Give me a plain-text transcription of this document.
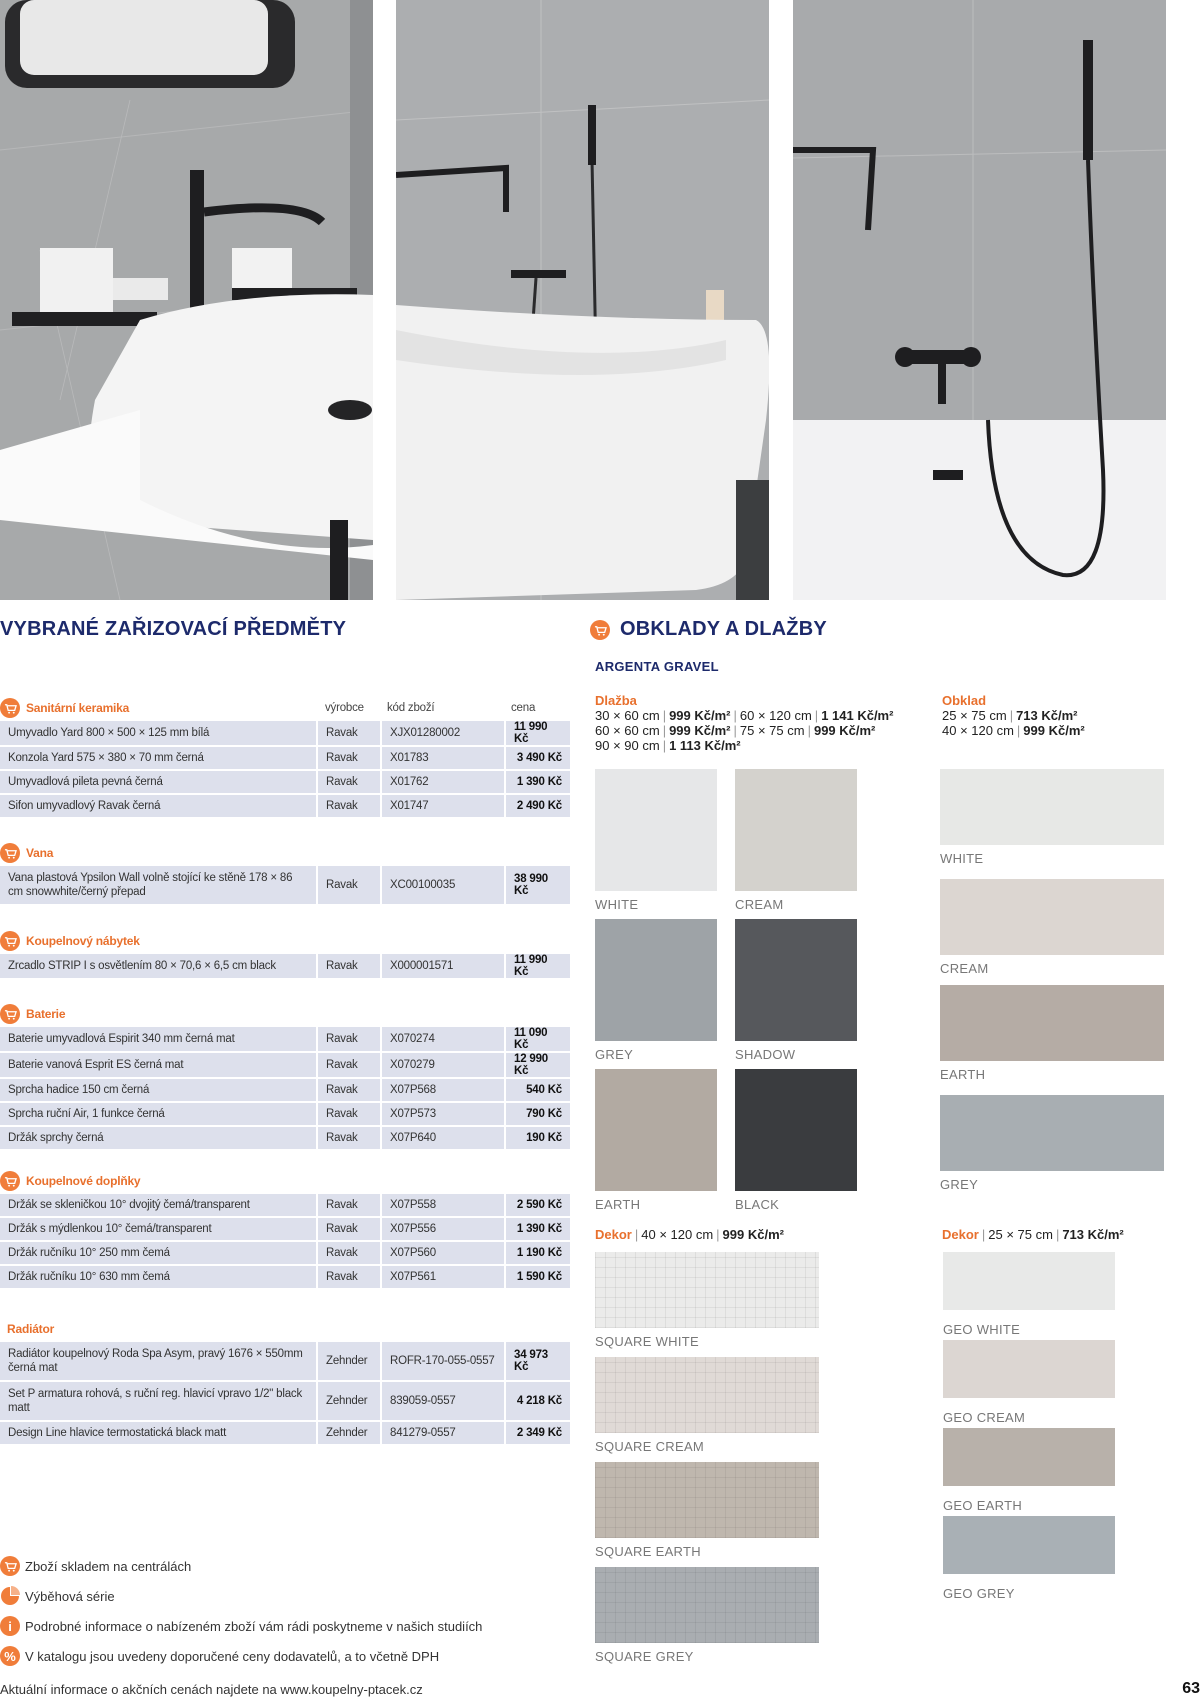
VYBRANÉ ZAŘIZOVACÍ PŘEDMĚTY	OBKLADY A DLAŽBY
ARGENTA GRAVEL
Dlažba
30 × 60 cm | 999 Kč/m² | 60 × 120 cm | 1 141 Kč/m²
60 × 60 cm | 999 Kč/m² | 75 × 75 cm | 999 Kč/m²
90 × 90 cm | 1 113 Kč/m²
Obklad
25 × 75 cm | 713 Kč/m²
40 × 120 cm | 999 Kč/m²
WHITE	CREAM
GREY	SHADOW
EARTH	BLACK
WHITE
CREAM
EARTH
GREY
SQUARE WHITE
SQUARE CREAM
SQUARE EARTH
SQUARE GREY
GEO WHITE
GEO CREAM
GEO EARTH
GEO GREY
Dekor | 40 × 120 cm | 999 Kč/m²	Dekor | 25 × 75 cm | 713 Kč/m²
Zboží skladem na centrálách
Výběhová série
i	Podrobné informace o nabízeném zboží vám rádi poskytneme v našich studiích
% V katalogu jsou uvedeny doporučené ceny dodavatelů, a to včetně DPH
Aktuální informace o akčních cenách najdete na www.koupelny-ptacek.cz	63
Sanitární keramika	výrobce kód zboží	cena
Umyvadlo Yard 800 × 500 × 125 mm bílá	Ravak	XJX01280002	11 990 Kč
Konzola Yard 575 × 380 × 70 mm černá	Ravak	X01783	3 490 Kč
Umyvadlová pileta pevná černá	Ravak	X01762	1 390 Kč
Sifon umyvadlový Ravak černá	Ravak	X01747	2 490 Kč
Vana
Vana plastová Ypsilon Wall volně stojící ke stěně 178 × 86 cm snowwhite/černý přepad
Ravak	XC00100035	38 990 Kč
Koupelnový nábytek
Zrcadlo STRIP I s osvětlením 80 × 70,6 × 6,5 cm black	Ravak	X000001571	11 990 Kč
Baterie
Baterie umyvadlová Espirit 340 mm černá mat	Ravak	X070274	11 090 Kč
Baterie vanová Esprit ES černá mat	Ravak	X070279	12 990 Kč
Sprcha hadice 150 cm černá	Ravak	X07P568	540 Kč
Sprcha ruční Air, 1 funkce černá	Ravak	X07P573	790 Kč
Držák sprchy černá	Ravak	X07P640	190 Kč
Koupelnové doplňky
Držák se skleničkou 10° dvojitý čemá/transparent	Ravak	X07P558	2 590 Kč
Držák s mýdlenkou 10° čemá/transparent	Ravak	X07P556	1 390 Kč
Držák ručníku 10° 250 mm čemá	Ravak	X07P560	1 190 Kč
Držák ručníku 10° 630 mm čemá	Ravak	X07P561	1 590 Kč
Radiátor
Radiátor koupelnový Roda Spa Asym, pravý 1676 × 550mm černá mat
Zehnder	ROFR-170-055-0557	34 973 Kč
Set P armatura rohová, s ruční reg. hlavicí vpravo 1/2" black matt
Zehnder	839059-0557	4 218 Kč
Design Line hlavice termostatická black matt	Zehnder	841279-0557	2 349 Kč
